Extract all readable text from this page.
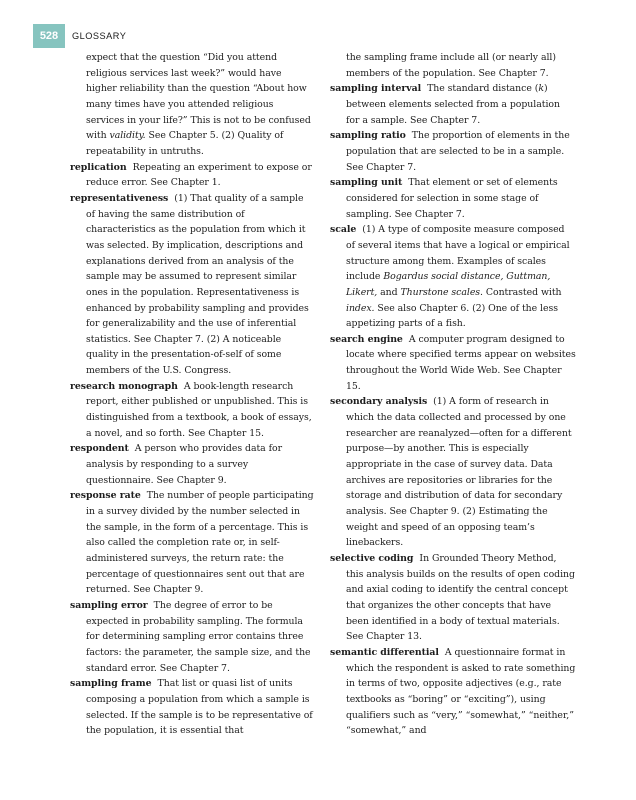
528	GLOSSARY

expect that the question “Did you attend religious services last week?” would have higher reliability than the question “About how many times have you attended religious services in your life?” This is not to be confused with validity. See Chapter 5. (2) Quality of repeatability in untruths.

replication Repeating an experiment to expose or reduce error. See Chapter 1.

representativeness (1) That quality of a sample of having the same distribution of characteristics as the population from which it was selected. By implication, descriptions and explanations derived from an analysis of the sample may be assumed to represent similar ones in the population. Representativeness is enhanced by probability sampling and provides for generalizability and the use of inferential statistics. See Chapter 7. (2) A noticeable quality in the presentation-of-self of some members of the U.S. Congress.

research monograph A book-length research report, either published or unpublished. This is distinguished from a textbook, a book of essays, a novel, and so forth. See Chapter 15.

respondent A person who provides data for analysis by responding to a survey questionnaire. See Chapter 9.

response rate The number of people participating in a survey divided by the number selected in the sample, in the form of a percentage. This is also called the completion rate or, in self-administered surveys, the return rate: the percentage of questionnaires sent out that are returned. See Chapter 9.

sampling error The degree of error to be expected in probability sampling. The formula for determining sampling error contains three factors: the parameter, the sample size, and the standard error. See Chapter 7.

sampling frame That list or quasi list of units composing a population from which a sample is selected. If the sample is to be representative of the population, it is essential that

the sampling frame include all (or nearly all) members of the population. See Chapter 7.

sampling interval The standard distance (k) between elements selected from a population for a sample. See Chapter 7.

sampling ratio The proportion of elements in the population that are selected to be in a sample. See Chapter 7.

sampling unit That element or set of elements considered for selection in some stage of sampling. See Chapter 7.

scale (1) A type of composite measure composed of several items that have a logical or empirical structure among them. Examples of scales include Bogardus social distance, Guttman, Likert, and Thurstone scales. Contrasted with index. See also Chapter 6. (2) One of the less appetizing parts of a fish.

search engine A computer program designed to locate where specified terms appear on websites throughout the World Wide Web. See Chapter 15.

secondary analysis (1) A form of research in which the data collected and processed by one researcher are reanalyzed—often for a different purpose—by another. This is especially appropriate in the case of survey data. Data archives are repositories or libraries for the storage and distribution of data for secondary analysis. See Chapter 9. (2) Estimating the weight and speed of an opposing team’s linebackers.

selective coding In Grounded Theory Method, this analysis builds on the results of open coding and axial coding to identify the central concept that organizes the other concepts that have been identified in a body of textual materials. See Chapter 13.

semantic differential A questionnaire format in which the respondent is asked to rate something in terms of two, opposite adjectives (e.g., rate textbooks as “boring” or “exciting”), using qualifiers such as “very,” “somewhat,” “neither,” “somewhat,” and
